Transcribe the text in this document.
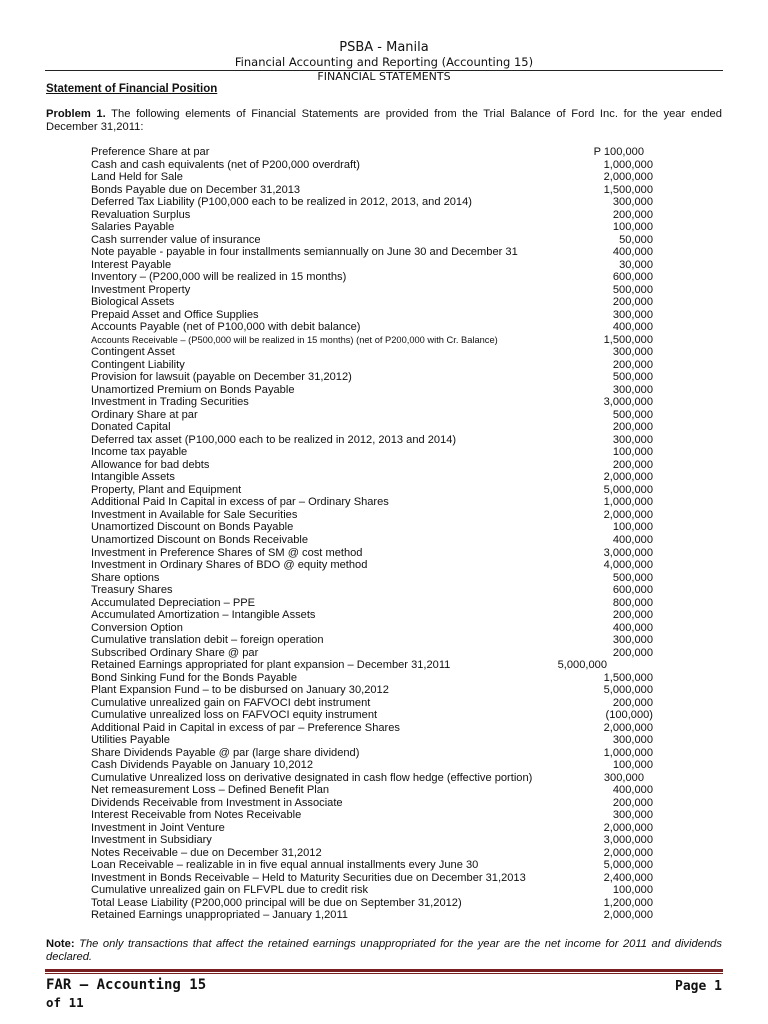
PSBA - Manila
Financial Accounting and Reporting (Accounting 15)
FINANCIAL STATEMENTS
Statement of Financial Position
Problem 1. The following elements of Financial Statements are provided from the Trial Balance of Ford Inc. for the year ended December 31,2011:
Preference Share at par	P 100,000
Cash and cash equivalents (net of P200,000 overdraft)	1,000,000
Land Held for Sale	2,000,000
Bonds Payable due on December 31,2013	1,500,000
Deferred Tax Liability (P100,000 each to be realized in 2012, 2013, and 2014)	300,000
Revaluation Surplus	200,000
Salaries Payable	100,000
Cash surrender value of insurance	50,000
Note payable - payable in four installments semiannually on June 30 and December 31	400,000
Interest Payable	30,000
Inventory – (P200,000 will be realized in 15 months)	600,000
Investment Property	500,000
Biological Assets	200,000
Prepaid Asset and Office Supplies	300,000
Accounts Payable (net of P100,000 with debit balance)	400,000
Accounts Receivable – (P500,000 will be realized in 15 months) (net of P200,000 with Cr. Balance)	1,500,000
Contingent Asset	300,000
Contingent Liability	200,000
Provision for lawsuit (payable on December 31,2012)	500,000
Unamortized Premium on Bonds Payable	300,000
Investment in Trading Securities	3,000,000
Ordinary Share at par	500,000
Donated Capital	200,000
Deferred tax asset (P100,000 each to be realized in 2012, 2013 and 2014)	300,000
Income tax payable	100,000
Allowance for bad debts	200,000
Intangible Assets	2,000,000
Property, Plant and Equipment	5,000,000
Additional Paid In Capital in excess of par – Ordinary Shares	1,000,000
Investment in Available for Sale Securities	2,000,000
Unamortized Discount on Bonds Payable	100,000
Unamortized Discount on Bonds Receivable	400,000
Investment in Preference Shares of SM @ cost method	3,000,000
Investment in Ordinary Shares of BDO @ equity method	4,000,000
Share options	500,000
Treasury Shares	600,000
Accumulated Depreciation – PPE	800,000
Accumulated Amortization – Intangible Assets	200,000
Conversion Option	400,000
Cumulative translation debit – foreign operation	300,000
Subscribed Ordinary Share @ par	200,000
Retained Earnings appropriated for plant expansion – December 31,2011	5,000,000
Bond Sinking Fund for the Bonds Payable	1,500,000
Plant Expansion Fund – to be disbursed on January 30,2012	5,000,000
Cumulative unrealized gain on FAFVOCI debt instrument	200,000
Cumulative unrealized loss on FAFVOCI equity instrument	(100,000)
Additional Paid in Capital in excess of par – Preference Shares	2,000,000
Utilities Payable	300,000
Share Dividends Payable @ par (large share dividend)	1,000,000
Cash Dividends Payable on January 10,2012	100,000
Cumulative Unrealized loss on derivative designated in cash flow hedge (effective portion)	300,000
Net remeasurement Loss – Defined Benefit Plan	400,000
Dividends Receivable from Investment in Associate	200,000
Interest Receivable from Notes Receivable	300,000
Investment in Joint Venture	2,000,000
Investment in Subsidiary	3,000,000
Notes Receivable – due on December 31,2012	2,000,000
Loan Receivable – realizable in in five equal annual installments every June 30	5,000,000
Investment in Bonds Receivable – Held to Maturity Securities due on December 31,2013	2,400,000
Cumulative unrealized gain on FLFVPL due to credit risk	100,000
Total Lease Liability (P200,000 principal will be due on September 31,2012)	1,200,000
Retained Earnings unappropriated – January 1,2011	2,000,000
Note: The only transactions that affect the retained earnings unappropriated for the year are the net income for 2011 and dividends declared.
FAR – Accounting 15	Page 1
of 11
